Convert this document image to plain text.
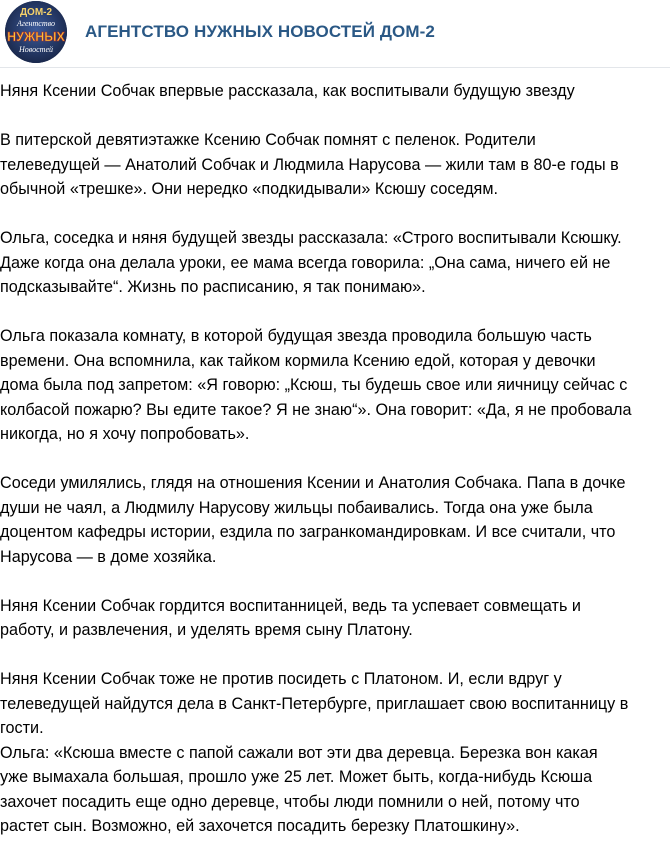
ДОМ-2
Агентство
НУЖНЫХ
Новостей
АГЕНТСТВО НУЖНЫХ НОВОСТЕЙ ДОМ-2

Няня Ксении Собчак впервые рассказала, как воспитывали будущую звезду

В питерской девятиэтажке Ксению Собчак помнят с пеленок. Родители
телеведущей — Анатолий Собчак и Людмила Нарусова — жили там в 80-е годы в
обычной «трешке». Они нередко «подкидывали» Ксюшу соседям.

Ольга, соседка и няня будущей звезды рассказала: «Строго воспитывали Ксюшку.
Даже когда она делала уроки, ее мама всегда говорила: „Она сама, ничего ей не
подсказывайте“. Жизнь по расписанию, я так понимаю».

Ольга показала комнату, в которой будущая звезда проводила большую часть
времени. Она вспомнила, как тайком кормила Ксению едой, которая у девочки
дома была под запретом: «Я говорю: „Ксюш, ты будешь свое или яичницу сейчас с
колбасой пожарю? Вы едите такое? Я не знаю“». Она говорит: «Да, я не пробовала
никогда, но я хочу попробовать».

Соседи умилялись, глядя на отношения Ксении и Анатолия Собчака. Папа в дочке
души не чаял, а Людмилу Нарусову жильцы побаивались. Тогда она уже была
доцентом кафедры истории, ездила по загранкомандировкам. И все считали, что
Нарусова — в доме хозяйка.

Няня Ксении Собчак гордится воспитанницей, ведь та успевает совмещать и
работу, и развлечения, и уделять время сыну Платону.

Няня Ксении Собчак тоже не против посидеть с Платоном. И, если вдруг у
телеведущей найдутся дела в Санкт-Петербурге, приглашает свою воспитанницу в
гости.

Ольга: «Ксюша вместе с папой сажали вот эти два деревца. Березка вон какая
уже вымахала большая, прошло уже 25 лет. Может быть, когда-нибудь Ксюша
захочет посадить еще одно деревце, чтобы люди помнили о ней, потому что
растет сын. Возможно, ей захочется посадить березку Платошкину».
